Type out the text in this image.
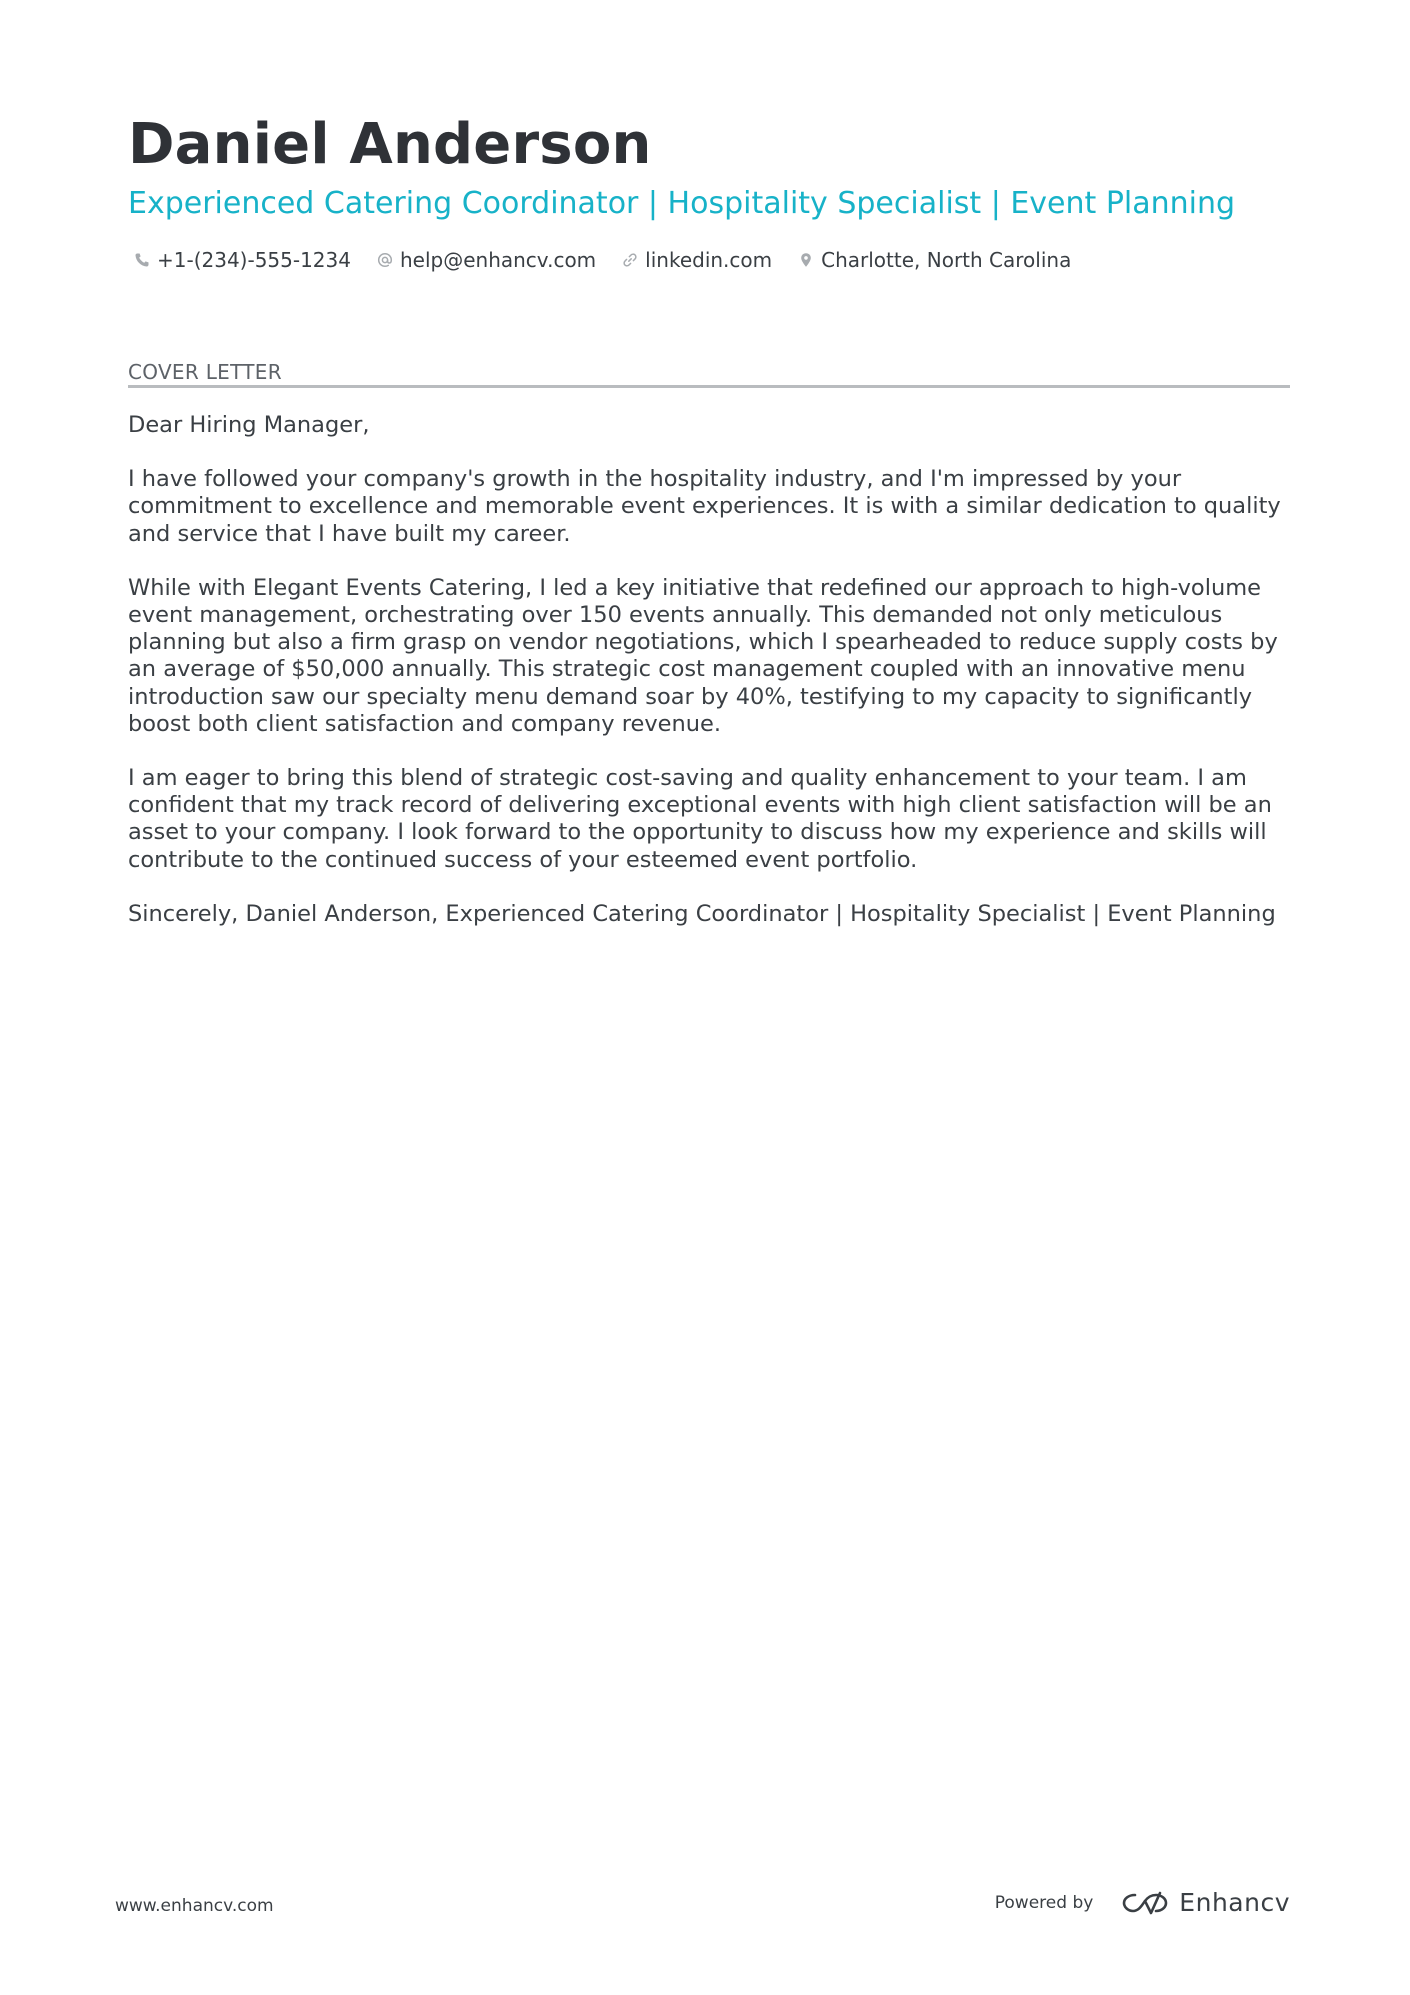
Daniel Anderson
Experienced Catering Coordinator | Hospitality Specialist | Event Planning
+1-(234)-555-1234 help@enhancv.com linkedin.com Charlotte, North Carolina
COVER LETTER

Dear Hiring Manager,

I have followed your company's growth in the hospitality industry, and I'm impressed by your commitment to excellence and memorable event experiences. It is with a similar dedication to quality and service that I have built my career.

While with Elegant Events Catering, I led a key initiative that redefined our approach to high-volume event management, orchestrating over 150 events annually. This demanded not only meticulous planning but also a firm grasp on vendor negotiations, which I spearheaded to reduce supply costs by an average of $50,000 annually. This strategic cost management coupled with an innovative menu introduction saw our specialty menu demand soar by 40%, testifying to my capacity to significantly boost both client satisfaction and company revenue.

I am eager to bring this blend of strategic cost-saving and quality enhancement to your team. I am confident that my track record of delivering exceptional events with high client satisfaction will be an asset to your company. I look forward to the opportunity to discuss how my experience and skills will contribute to the continued success of your esteemed event portfolio.

Sincerely, Daniel Anderson, Experienced Catering Coordinator | Hospitality Specialist | Event Planning

www.enhancv.com	Powered by	Enhancv
